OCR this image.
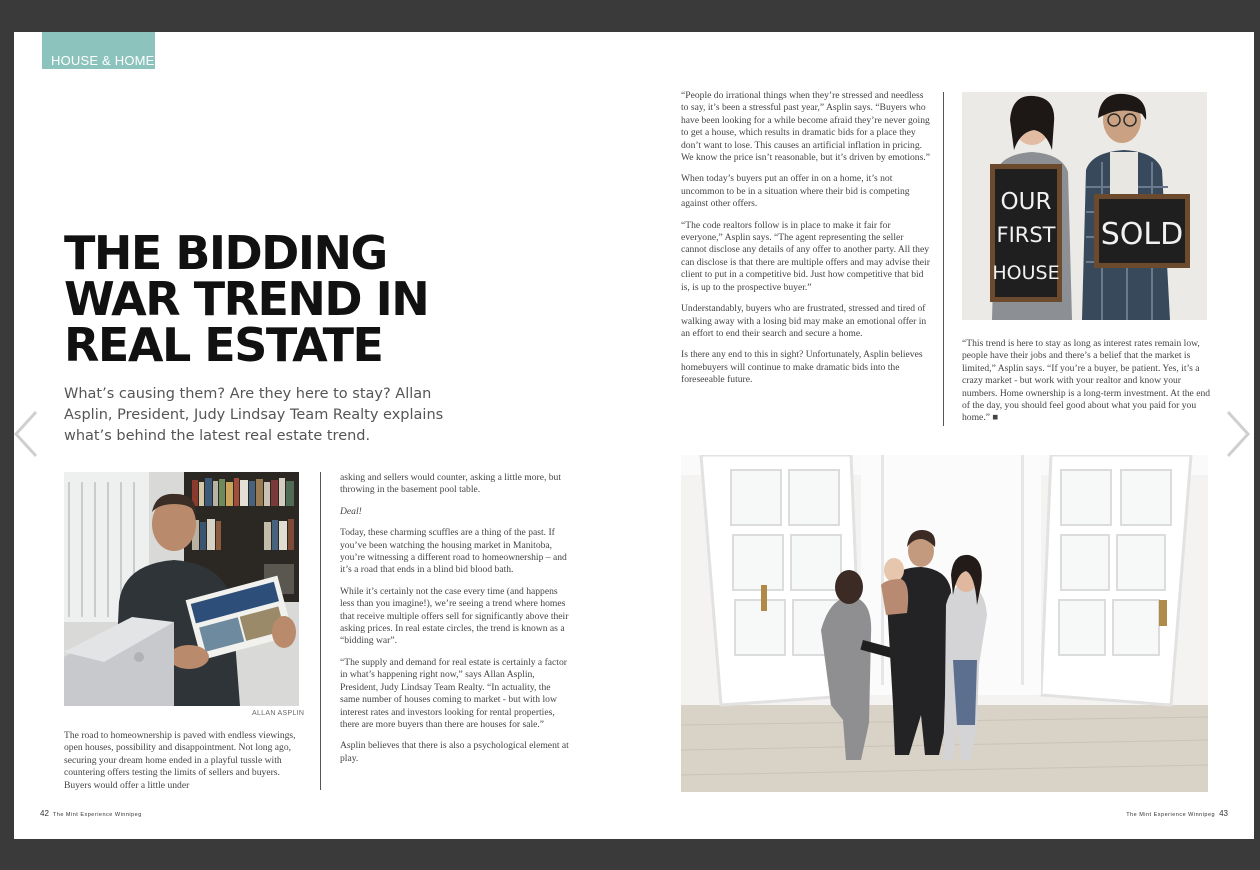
HOUSE & HOME
THE BIDDING
WAR TREND IN
REAL ESTATE

What’s causing them? Are they here to stay? Allan Asplin, President, Judy Lindsay Team Realty explains what’s behind the latest real estate trend.

ALLAN ASPLIN

The road to homeownership is paved with endless viewings, open houses, possibility and disappointment. Not long ago, securing your dream home ended in a playful tussle with countering offers testing the limits of sellers and buyers. Buyers would offer a little under

asking and sellers would counter, asking a little more, but throwing in the basement pool table.

Deal!

Today, these charming scuffles are a thing of the past. If you’ve been watching the housing market in Manitoba, you’re witnessing a different road to homeownership – and it’s a road that ends in a blind bid blood bath.

While it’s certainly not the case every time (and happens less than you imagine!), we’re seeing a trend where homes that receive multiple offers sell for significantly above their asking prices. In real estate circles, the trend is known as a “bidding war”.

“The supply and demand for real estate is certainly a factor in what’s happening right now,” says Allan Asplin, President, Judy Lindsay Team Realty. “In actuality, the same number of houses coming to market - but with low interest rates and investors looking for rental properties, there are more buyers than there are houses for sale.”

Asplin believes that there is also a psychological element at play.

42 The Mint Experience Winnipeg

“People do irrational things when they’re stressed and needless to say, it’s been a stressful past year,” Asplin says. “Buyers who have been looking for a while become afraid they’re never going to get a house, which results in dramatic bids for a place they don’t want to lose. This causes an artificial inflation in pricing. We know the price isn’t reasonable, but it’s driven by emotions.”

When today’s buyers put an offer in on a home, it’s not uncommon to be in a situation where their bid is competing against other offers.

“The code realtors follow is in place to make it fair for everyone,” Asplin says. “The agent representing the seller cannot disclose any details of any offer to another party. All they can disclose is that there are multiple offers and may advise their client to put in a competitive bid. Just how competitive that bid is, is up to the prospective buyer.”

Understandably, buyers who are frustrated, stressed and tired of walking away with a losing bid may make an emotional offer in an effort to end their search and secure a home.

Is there any end to this in sight? Unfortunately, Asplin believes homebuyers will continue to make dramatic bids into the foreseeable future.

OUR
FIRST
HOUSE
SOLD

“This trend is here to stay as long as interest rates remain low, people have their jobs and there’s a belief that the market is limited,” Asplin says. “If you’re a buyer, be patient. Yes, it’s a crazy market - but work with your realtor and know your numbers. Home ownership is a long-term investment. At the end of the day, you should feel good about what you paid for you home.” ■

The Mint Experience Winnipeg 43
